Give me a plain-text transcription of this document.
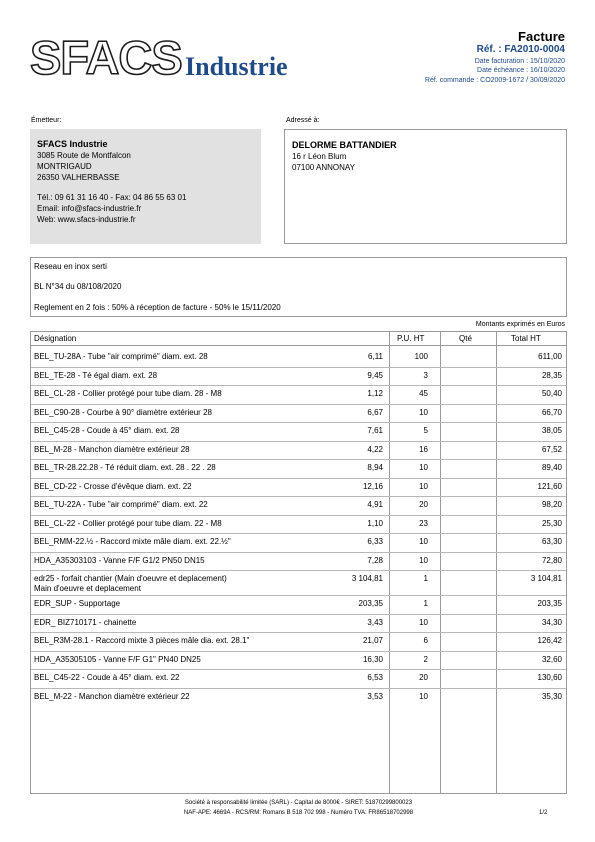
SFACS Industrie
Facture
Réf. : FA2010-0004
Date facturation : 15/10/2020
Date échéance : 16/10/2020
Réf. commande : CO2009-1672 / 30/09/2020
Émetteur:
SFACS Industrie
3085 Route de Montfalcon
MONTRIGAUD
26350 VALHERBASSE
Tél.: 09 61 31 16 40 - Fax: 04 86 55 63 01
Email: info@sfacs-industrie.fr
Web: www.sfacs-industrie.fr
Adressé à:
DELORME BATTANDIER
16 r Léon Blum
07100 ANNONAY
Reseau en inox serti
BL N°34 du 08/108/2020
Reglement en 2 fois : 50% à réception de facture - 50% le 15/11/2020
Montants exprimés en Euros
Désignation	P.U. HT	Qté	Total HT
BEL_TU-28A - Tube "air comprimé" diam. ext. 28	6,11	100	611,00
BEL_TE-28 - Té égal diam. ext. 28	9,45	3	28,35
BEL_CL-28 - Collier protégé pour tube diam. 28 - M8	1,12	45	50,40
BEL_C90-28 - Courbe à 90° diamètre extérieur 28	6,67	10	66,70
BEL_C45-28 - Coude à 45° diam. ext. 28	7,61	5	38,05
BEL_M-28 - Manchon diamètre extérieur 28	4,22	16	67,52
BEL_TR-28.22.28 - Té réduit diam. ext. 28 . 22 . 28	8,94	10	89,40
BEL_CD-22 - Crosse d'évêque diam. ext. 22	12,16	10	121,60
BEL_TU-22A - Tube "air comprimé" diam. ext. 22	4,91	20	98,20
BEL_CL-22 - Collier protégé pour tube diam. 22 - M8	1,10	23	25,30
BEL_RMM-22.½ - Raccord mixte mâle diam. ext. 22.½"	6,33	10	63,30
HDA_A35303103 - Vanne F/F G1/2 PN50 DN15	7,28	10	72,80
edr25 - forfait chantier (Main d'oeuvre et deplacement)
Main d'oeuvre et deplacement
3 104,81	1	3 104,81
EDR_SUP - Supportage	203,35	1	203,35
EDR_ BIZ710171 - chainette	3,43	10	34,30
BEL_R3M-28.1 - Raccord mixte 3 pièces mâle dia. ext. 28.1"	21,07	6	126,42
HDA_A35305105 - Vanne F/F G1" PN40 DN25	16,30	2	32,60
BEL_C45-22 - Coude à 45° diam. ext. 22	6,53	20	130,60
BEL_M-22 - Manchon diamètre extérieur 22	3,53	10	35,30
Société à responsabilité limitée (SARL) - Capital de 8000€ - SIRET: 51870299800023
NAF-APE: 4669A - RCS/RM: Romans B 518 702 998 - Numéro TVA: FR86518702998	1/2
